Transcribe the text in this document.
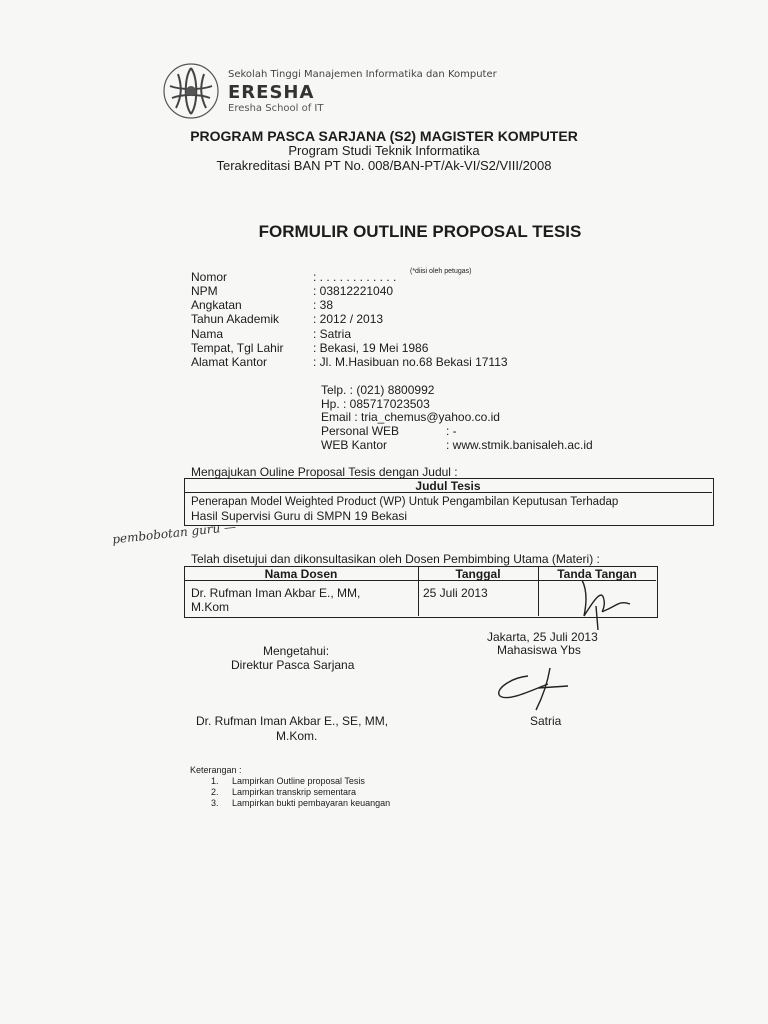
Sekolah Tinggi Manajemen Informatika dan Komputer
ERESHA
Eresha School of IT
PROGRAM PASCA SARJANA (S2) MAGISTER KOMPUTER
Program Studi Teknik Informatika
Terakreditasi BAN PT No. 008/BAN-PT/Ak-VI/S2/VIII/2008
FORMULIR OUTLINE PROPOSAL TESIS
Nomor	: . . . . . . . . . . . . (*diisi oleh petugas)
NPM	: 03812221040
Angkatan	: 38
Tahun Akademik	: 2012 / 2013
Nama	: Satria
Tempat, Tgl Lahir : Bekasi, 19 Mei 1986
Alamat Kantor	: Jl. M.Hasibuan no.68 Bekasi 17113
Telp. : (021) 8800992
Hp. : 085717023503
Email : tria_chemus@yahoo.co.id
Personal WEB	: -
WEB Kantor	: www.stmik.banisaleh.ac.id
Mengajukan Ouline Proposal Tesis dengan Judul :
Judul Tesis
Penerapan Model Weighted Product (WP) Untuk Pengambilan Keputusan Terhadap
Hasil Supervisi Guru di SMPN 19 Bekasi
pembobotan guru —
Telah disetujui dan dikonsultasikan oleh Dosen Pembimbing Utama (Materi) :
Nama Dosen	Tanggal	Tanda Tangan
Dr. Rufman Iman Akbar E., MM,
M.Kom
25 Juli 2013
Jakarta, 25 Juli 2013
Mahasiswa Ybs
Satria
Mengetahui:
Direktur Pasca Sarjana
Dr. Rufman Iman Akbar E., SE, MM,
M.Kom.
Keterangan :
1. Lampirkan Outline proposal Tesis
2. Lampirkan transkrip sementara
3. Lampirkan bukti pembayaran keuangan
